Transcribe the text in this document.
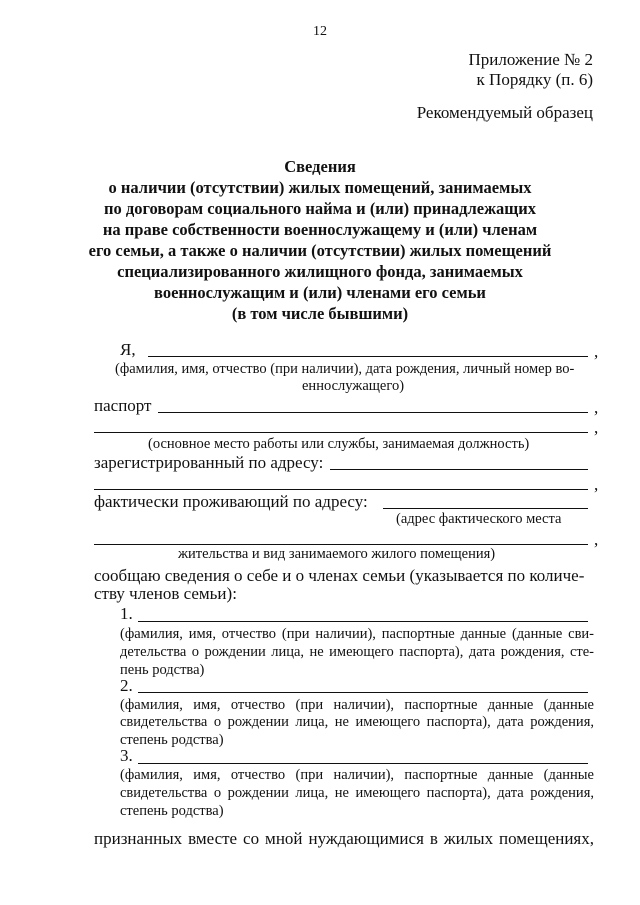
12
Приложение № 2
к Порядку (п. 6)
Рекомендуемый образец
Сведения
о наличии (отсутствии) жилых помещений, занимаемых
по договорам социального найма и (или) принадлежащих
на праве собственности военнослужащему и (или) членам
его семьи, а также о наличии (отсутствии) жилых помещений
специализированного жилищного фонда, занимаемых
военнослужащим и (или) членами его семьи
(в том числе бывшими)
Я,	,
(фамилия, имя, отчество (при наличии), дата рождения, личный номер во-
еннослужащего)
паспорт	,
,
(основное место работы или службы, занимаемая должность)
зарегистрированный по адресу:
,
фактически проживающий по адресу:
(адрес фактического места
,
жительства и вид занимаемого жилого помещения)
сообщаю сведения о себе и о членах семьи (указывается по количе-
ству членов семьи):
1.
(фамилия, имя, отчество (при наличии), паспортные данные (данные сви-
детельства о рождении лица, не имеющего паспорта), дата рождения, сте-
пень родства)
2.
(фамилия, имя, отчество (при наличии), паспортные данные (данные
свидетельства о рождении лица, не имеющего паспорта), дата рождения,
степень родства)
3.
(фамилия, имя, отчество (при наличии), паспортные данные (данные
свидетельства о рождении лица, не имеющего паспорта), дата рождения,
степень родства)
признанных вместе со мной нуждающимися в жилых помещениях,
